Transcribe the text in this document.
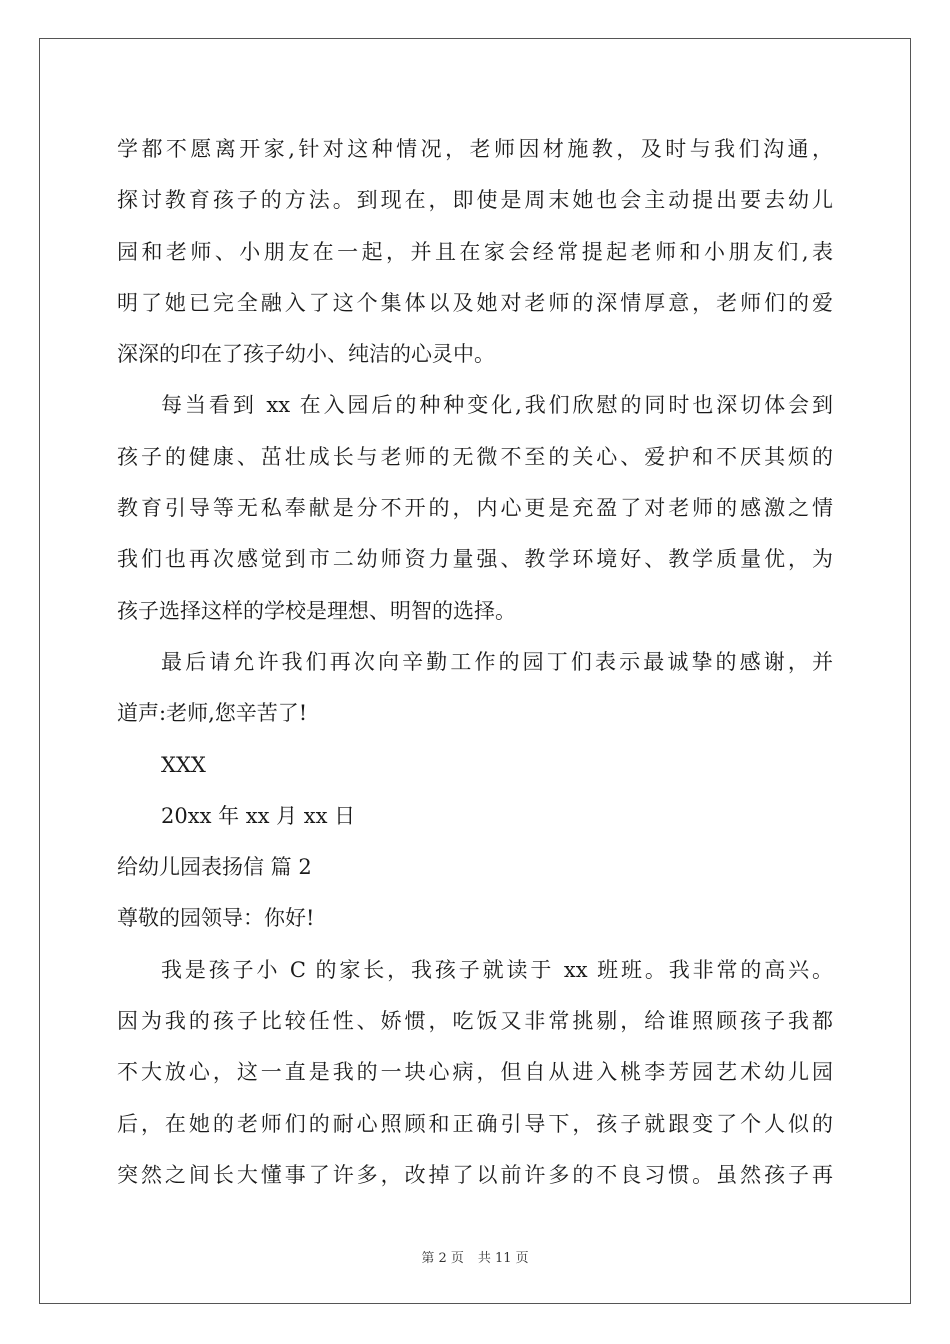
学都不愿离开家,针对这种情况，老师因材施教，及时与我们沟通，
探讨教育孩子的方法。到现在，即使是周末她也会主动提出要去幼儿
园和老师、小朋友在一起，并且在家会经常提起老师和小朋友们,表
明了她已完全融入了这个集体以及她对老师的深情厚意，老师们的爱
深深的印在了孩子幼小、纯洁的心灵中。
每当看到 xx 在入园后的种种变化,我们欣慰的同时也深切体会到
孩子的健康、茁壮成长与老师的无微不至的关心、爱护和不厌其烦的
教育引导等无私奉献是分不开的，内心更是充盈了对老师的感激之情
我们也再次感觉到市二幼师资力量强、教学环境好、教学质量优，为
孩子选择这样的学校是理想、明智的选择。
最后请允许我们再次向辛勤工作的园丁们表示最诚挚的感谢，并
道声:老师,您辛苦了!
XXX
20xx 年 xx 月 xx 日
给幼儿园表扬信 篇 2
尊敬的园领导：你好!
我是孩子小 C 的家长，我孩子就读于 xx 班班。我非常的高兴。
因为我的孩子比较任性、娇惯，吃饭又非常挑剔，给谁照顾孩子我都
不大放心，这一直是我的一块心病，但自从进入桃李芳园艺术幼儿园
后，在她的老师们的耐心照顾和正确引导下，孩子就跟变了个人似的
突然之间长大懂事了许多，改掉了以前许多的不良习惯。虽然孩子再
第 2 页 共 11 页
